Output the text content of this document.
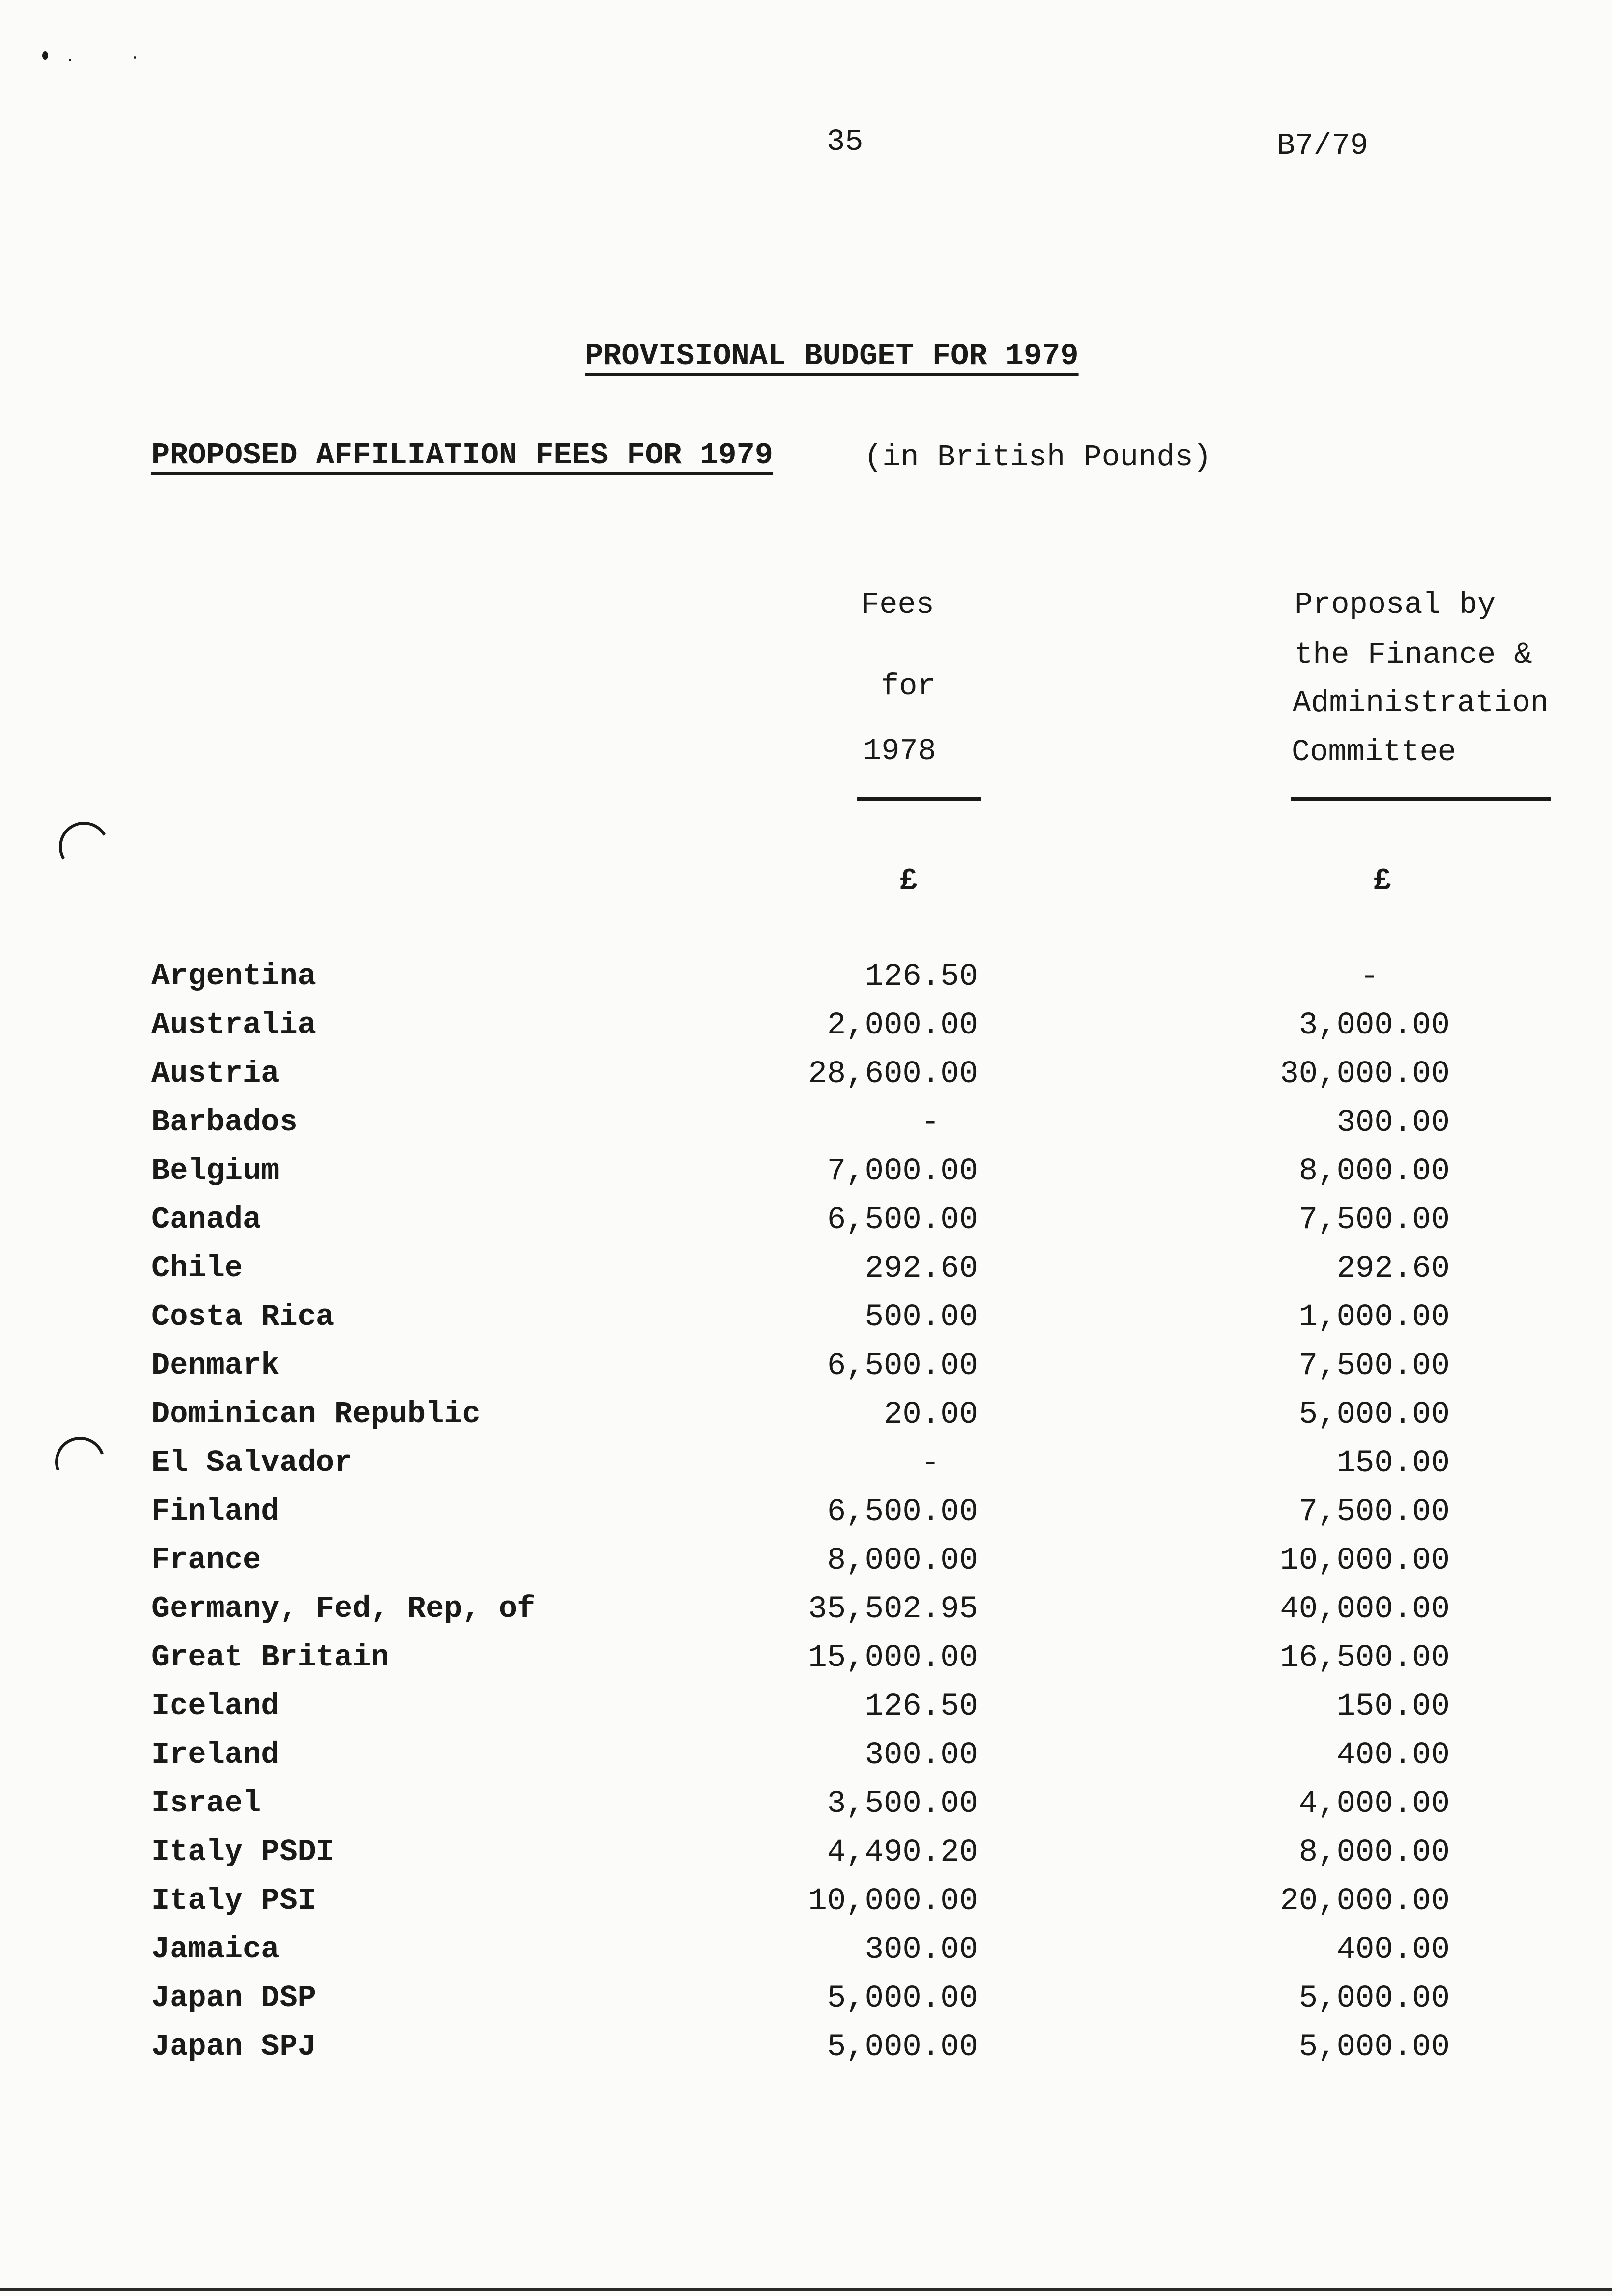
35	B7/79
PROVISIONAL BUDGET FOR 1979
PROPOSED AFFILIATION FEES FOR 1979	(in British Pounds)
Fees
for
1978
£
Proposal by
the Finance &
Administration
Committee
£
Argentina	126.50	-
Australia	2,000.00	3,000.00
Austria	28,600.00	30,000.00
Barbados	-	300.00
Belgium	7,000.00	8,000.00
Canada	6,500.00	7,500.00
Chile	292.60	292.60
Costa Rica	500.00	1,000.00
Denmark	6,500.00	7,500.00
Dominican Republic	20.00	5,000.00
El Salvador	-	150.00
Finland	6,500.00	7,500.00
France	8,000.00	10,000.00
Germany, Fed, Rep, of	35,502.95	40,000.00
Great Britain	15,000.00	16,500.00
Iceland	126.50	150.00
Ireland	300.00	400.00
Israel	3,500.00	4,000.00
Italy PSDI	4,490.20	8,000.00
Italy PSI	10,000.00	20,000.00
Jamaica	300.00	400.00
Japan DSP	5,000.00	5,000.00
Japan SPJ	5,000.00	5,000.00
